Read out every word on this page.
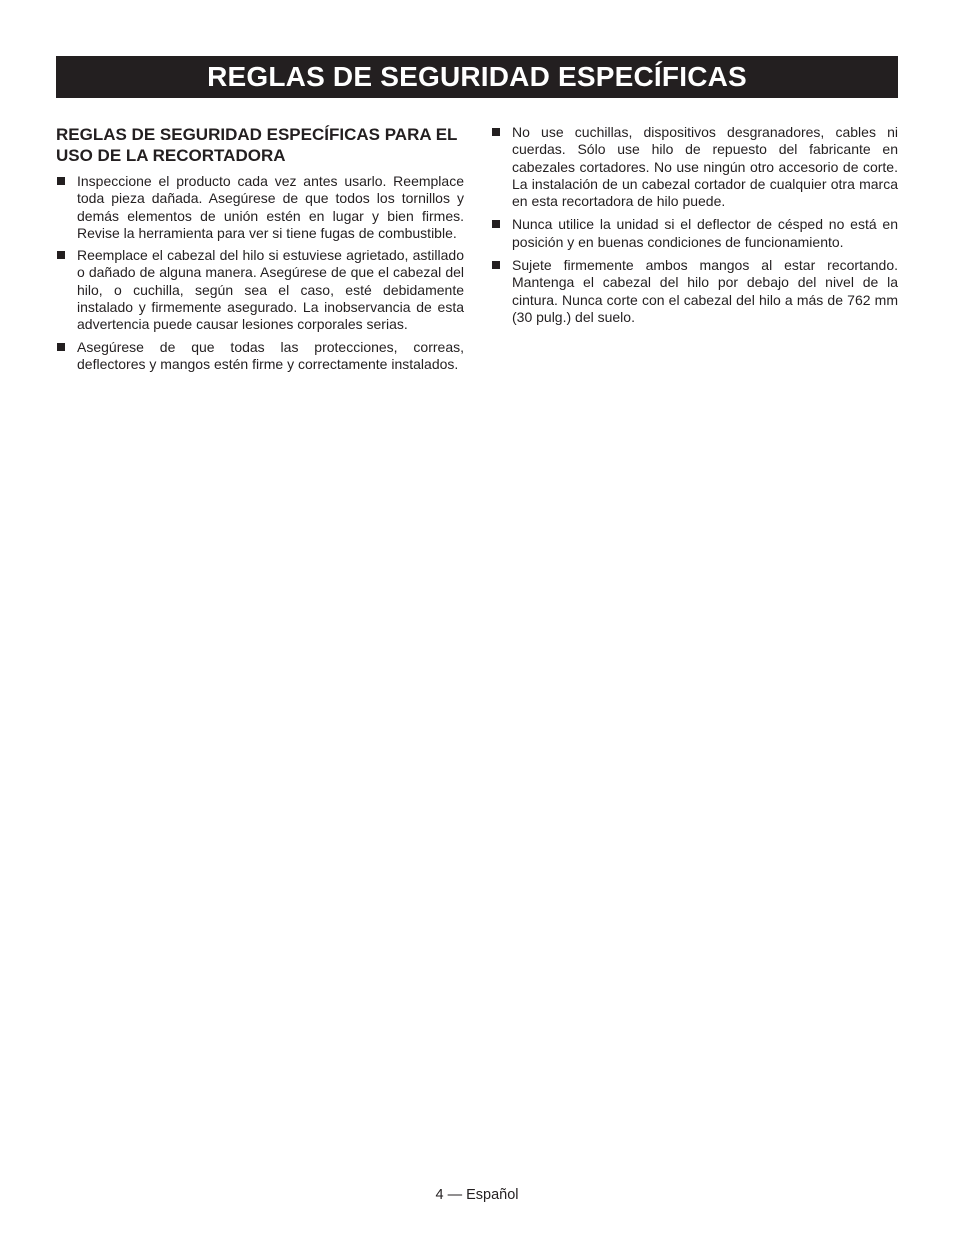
REGLAS DE SEGURIDAD ESPECÍFICAS
REGLAS DE SEGURIDAD ESPECÍFICAS PARA EL USO DE LA RECORTADORA
Inspeccione el producto cada vez antes usarlo. Reemplace toda pieza dañada. Asegúrese de que todos los tornillos y demás elementos de unión estén en lugar y bien firmes. Revise la herramienta para ver si tiene fugas de combustible.
Reemplace el cabezal del hilo si estuviese agrietado, astillado o dañado de alguna manera. Asegúrese de que el cabezal del hilo, o cuchilla, según sea el caso, esté debidamente instalado y firmemente asegurado. La inobservancia de esta advertencia puede causar lesiones corporales serias.
Asegúrese de que todas las protecciones, correas, deflectores y mangos estén firme y correctamente instalados.
No use cuchillas, dispositivos desgranadores, cables ni cuerdas. Sólo use hilo de repuesto del fabricante en cabezales cortadores. No use ningún otro accesorio de corte. La instalación de un cabezal cortador de cualquier otra marca en esta recortadora de hilo puede.
Nunca utilice la unidad si el deflector de césped no está en posición y en buenas condiciones de funcionamiento.
Sujete firmemente ambos mangos al estar recortando. Mantenga el cabezal del hilo por debajo del nivel de la cintura. Nunca corte con el cabezal del hilo a más de 762 mm (30 pulg.) del suelo.
4 — Español
